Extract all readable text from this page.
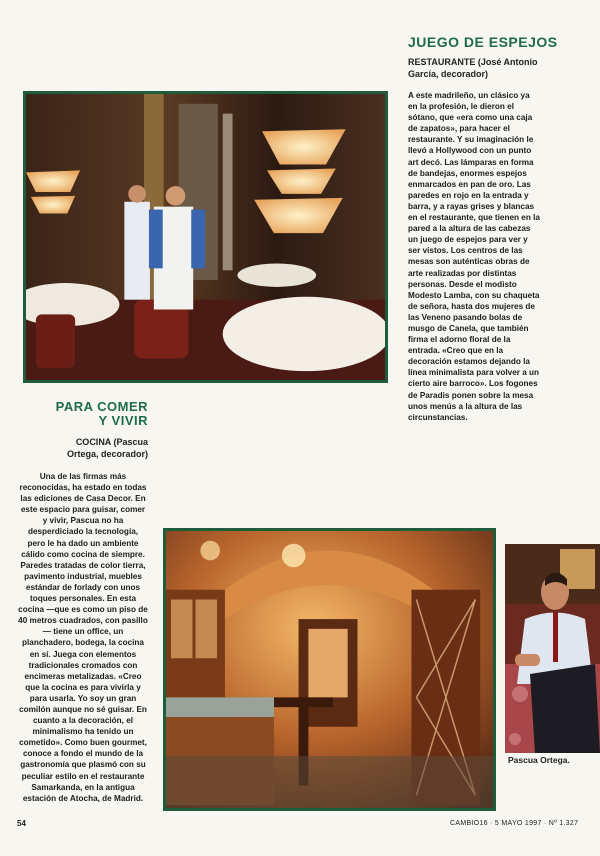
JUEGO DE ESPEJOS
RESTAURANTE (José Antonio García, decorador)

A este madrileño, un clásico ya en la profesión, le dieron el sótano, que «era como una caja de zapatos», para hacer el restaurante. Y su imaginación le llevó a Hollywood con un punto art decó. Las lámparas en forma de bandejas, enormes espejos enmarcados en pan de oro. Las paredes en rojo en la entrada y barra, y a rayas grises y blancas en el restaurante, que tienen en la pared a la altura de las cabezas un juego de espejos para ver y ser vistos. Los centros de las mesas son auténticas obras de arte realizadas por distintas personas. Desde el modisto Modesto Lamba, con su chaqueta de señora, hasta dos mujeres de las Veneno pasando bolas de musgo de Canela, que también firma el adorno floral de la entrada. «Creo que en la decoración estamos dejando la línea minimalista para volver a un cierto aire barroco». Los fogones de Paradis ponen sobre la mesa unos menús a la altura de las circunstancias.

PARA COMER
Y VIVIR
COCINA (Pascua Ortega, decorador)

Una de las firmas más reconocidas, ha estado en todas las ediciones de Casa Decor. En este espacio para guisar, comer y vivir, Pascua no ha desperdiciado la tecnología, pero le ha dado un ambiente cálido como cocina de siempre. Paredes tratadas de color tierra, pavimento industrial, muebles estándar de forlady con unos toques personales. En esta cocina —que es como un piso de 40 metros cuadrados, con pasillo— tiene un office, un planchadero, bodega, la cocina en sí. Juega con elementos tradicionales cromados con encimeras metalizadas. «Creo que la cocina es para vivirla y para usarla. Yo soy un gran comilón aunque no sé guisar. En cuanto a la decoración, el minimalismo ha tenido un cometido». Como buen gourmet, conoce a fondo el mundo de la gastronomía que plasmó con su peculiar estilo en el restaurante Samarkanda, en la antigua estación de Atocha, de Madrid.

Pascua Ortega.
54	CAMBIO16 · 5 MAYO 1997 · Nº 1.327
